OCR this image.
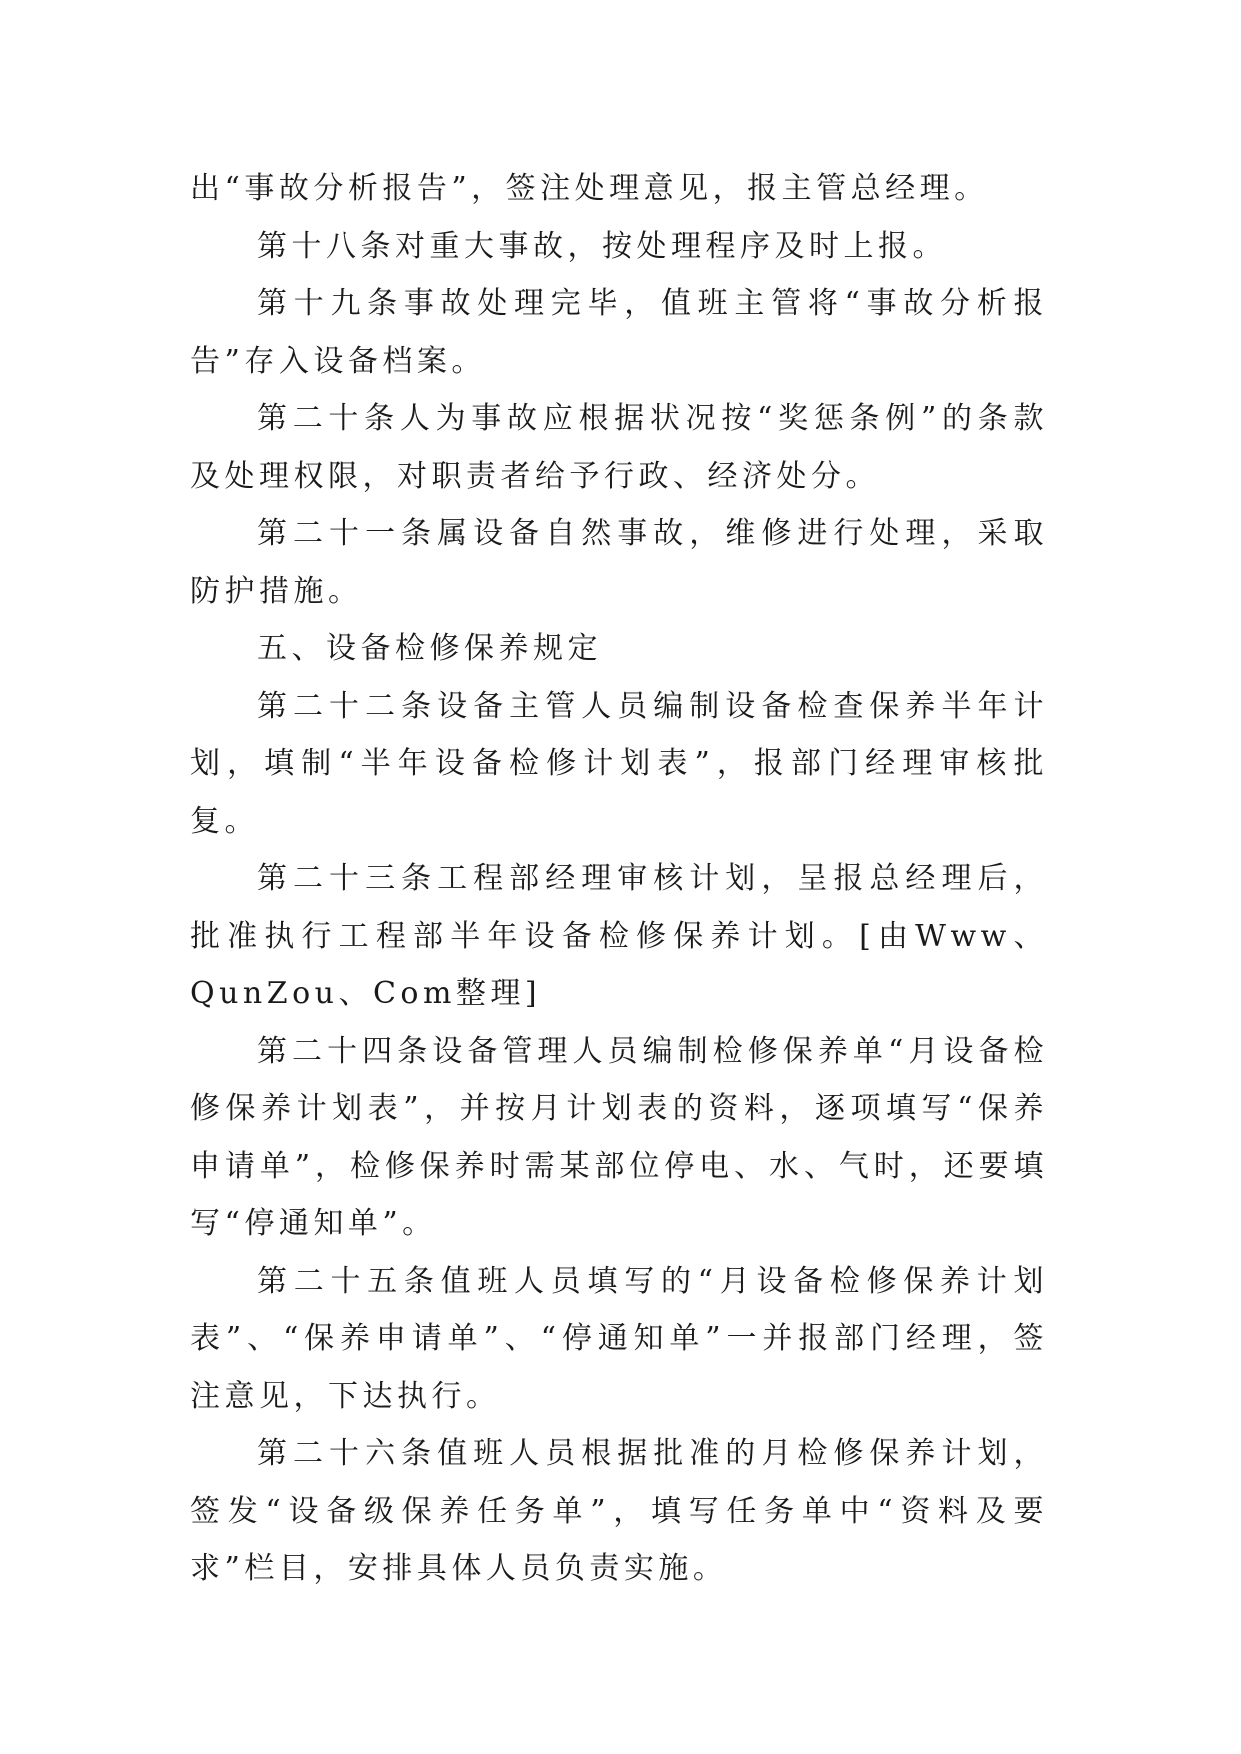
出“事故分析报告”，签注处理意见，报主管总经理。

第十八条对重大事故，按处理程序及时上报。

第十九条事故处理完毕，值班主管将“事故分析报告”存入设备档案。

第二十条人为事故应根据状况按“奖惩条例”的条款及处理权限，对职责者给予行政、经济处分。

第二十一条属设备自然事故，维修进行处理，采取防护措施。

五、设备检修保养规定

第二十二条设备主管人员编制设备检查保养半年计划，填制“半年设备检修计划表”，报部门经理审核批复。

第二十三条工程部经理审核计划，呈报总经理后，批准执行工程部半年设备检修保养计划。[由Www、QunZou、Com整理]

第二十四条设备管理人员编制检修保养单“月设备检修保养计划表”，并按月计划表的资料，逐项填写“保养申请单”，检修保养时需某部位停电、水、气时，还要填写“停通知单”。

第二十五条值班人员填写的“月设备检修保养计划表”、“保养申请单”、“停通知单”一并报部门经理，签注意见，下达执行。

第二十六条值班人员根据批准的月检修保养计划，签发“设备级保养任务单”，填写任务单中“资料及要求”栏目，安排具体人员负责实施。
